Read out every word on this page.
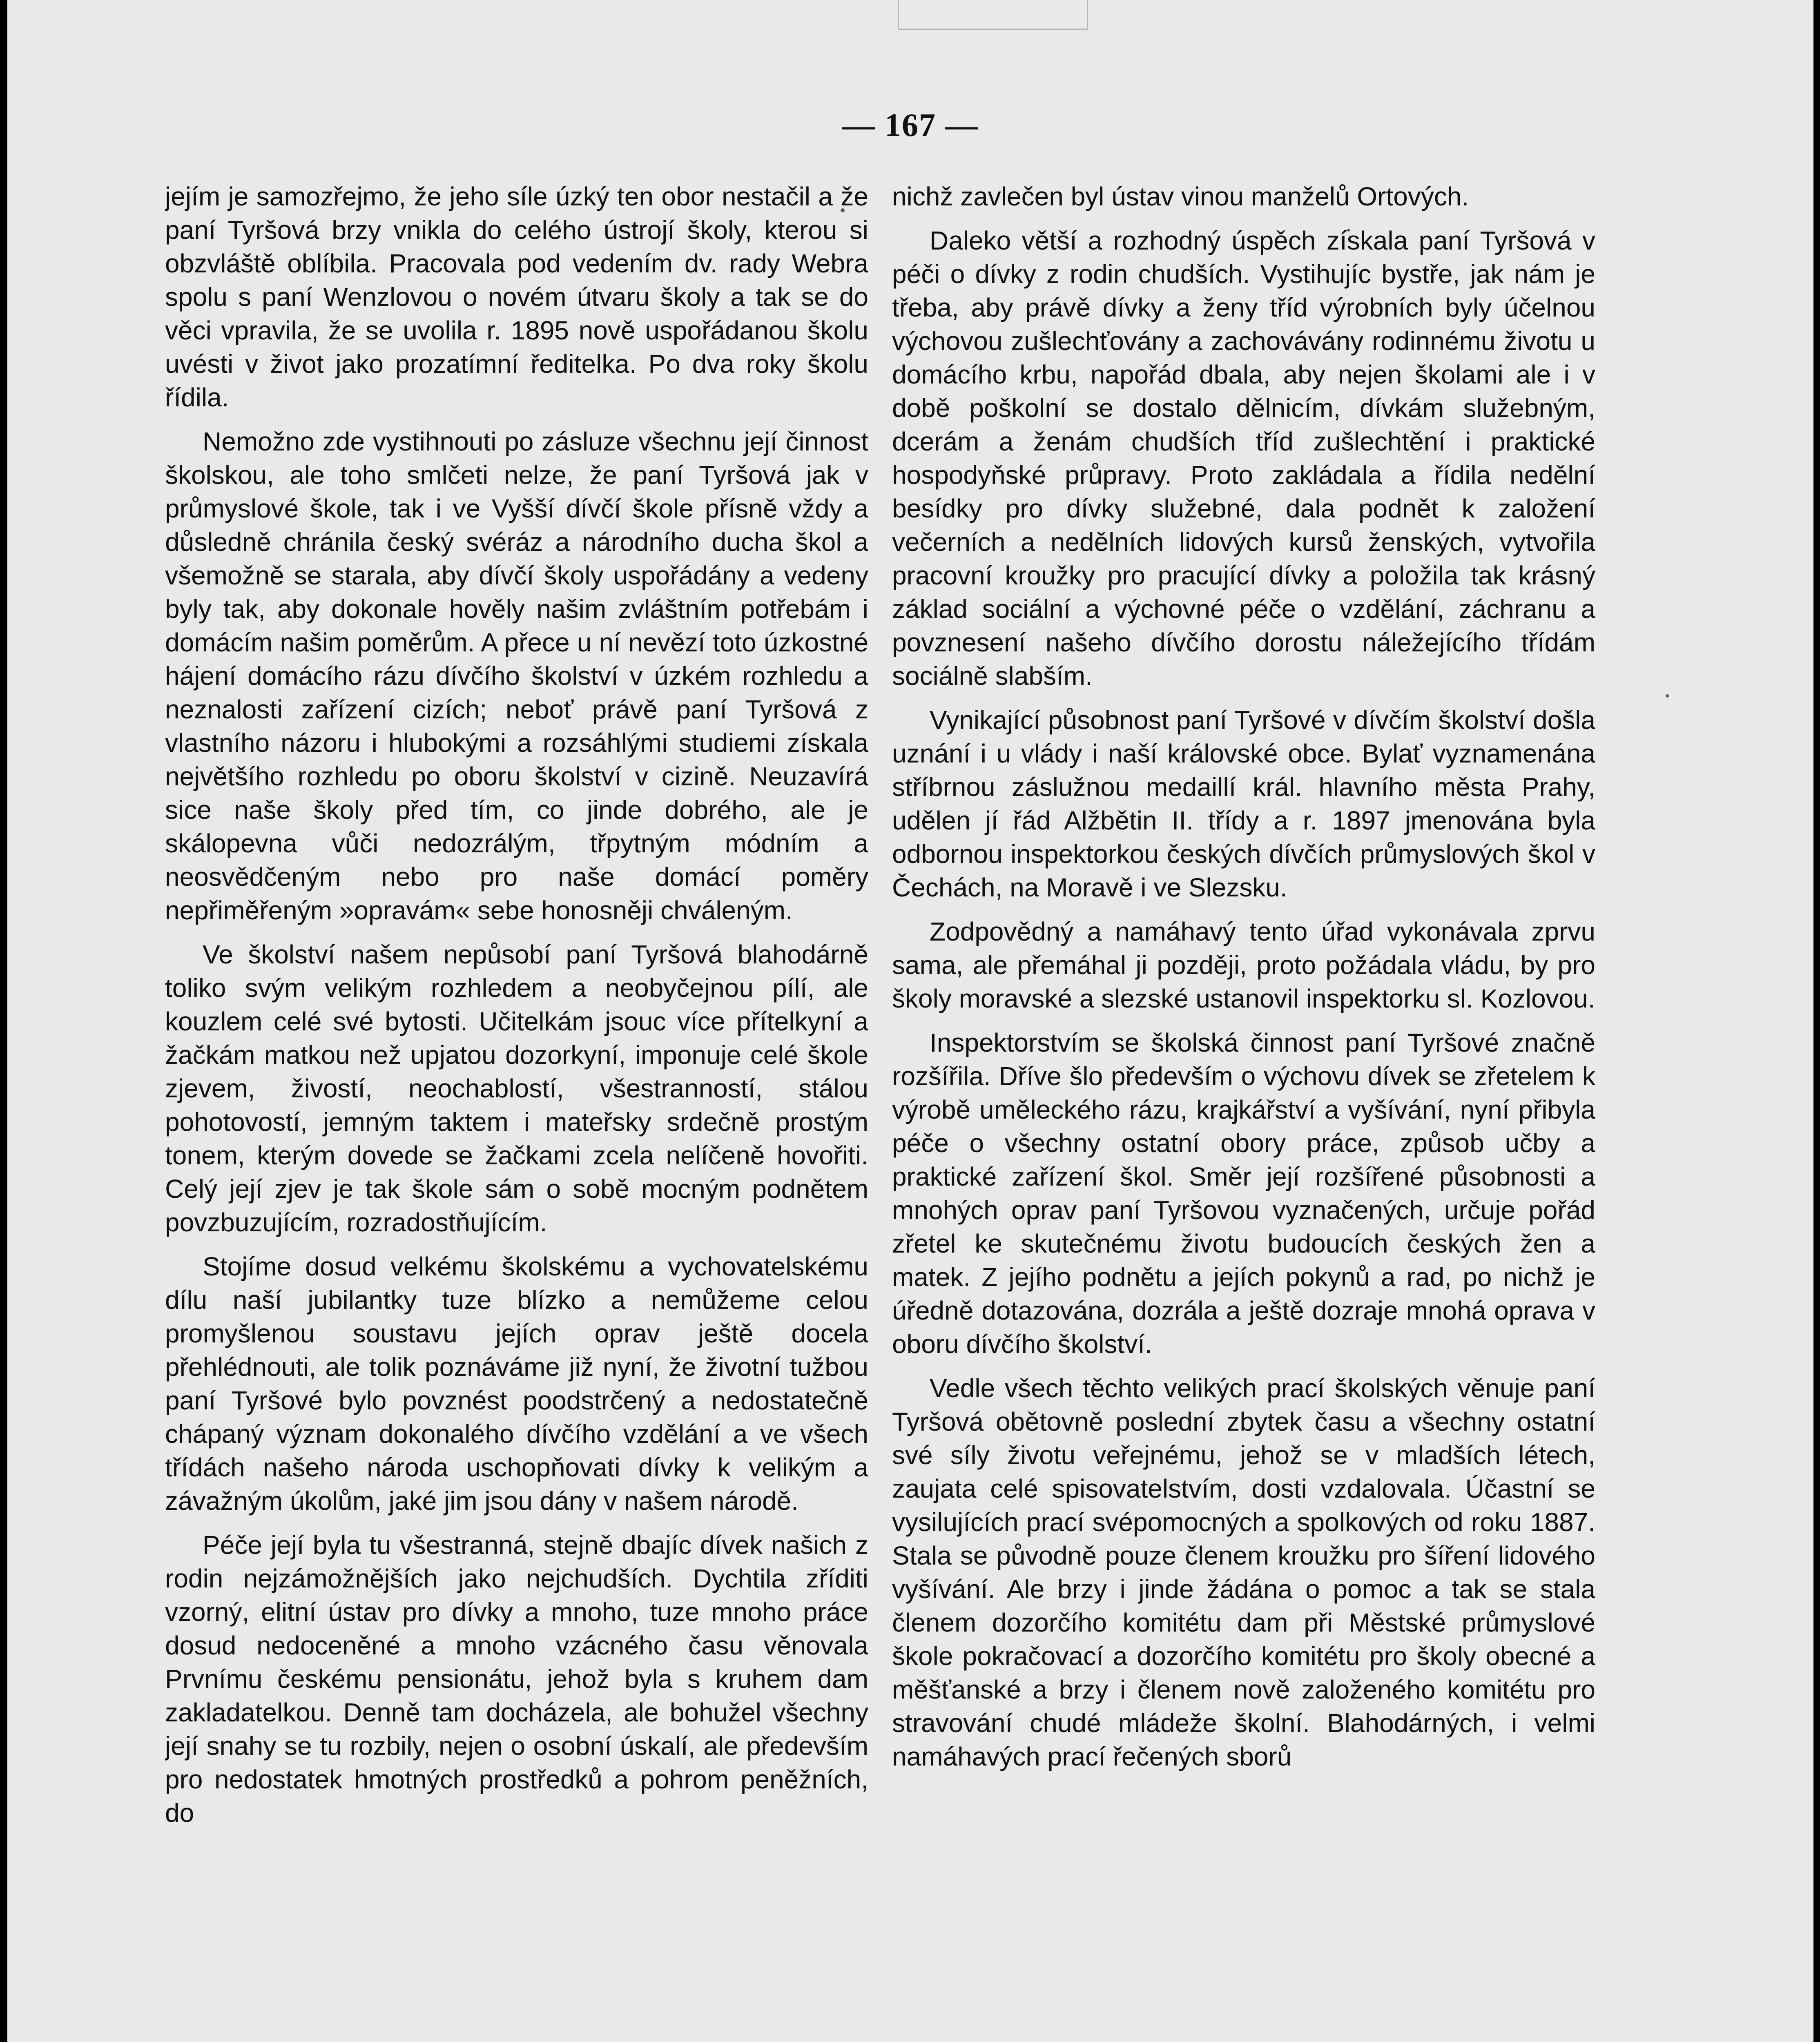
— 167 —

jejím je samozřejmo, že jeho síle úzký ten obor nestačil a že paní Tyršová brzy vnikla do celého ústrojí školy, kterou si obzvláště oblíbila. Pracovala pod vedením dv. rady Webra spolu s paní Wenzlovou o novém útvaru školy a tak se do věci vpravila, že se uvolila r. 1895 nově uspořádanou školu uvésti v život jako prozatímní ředitelka. Po dva roky školu řídila.

Nemožno zde vystihnouti po zásluze všechnu její činnost školskou, ale toho smlčeti nelze, že paní Tyršová jak v průmyslové škole, tak i ve Vyšší dívčí škole přísně vždy a důsledně chránila český svéráz a národního ducha škol a všemožně se starala, aby dívčí školy uspořádány a vedeny byly tak, aby dokonale hověly našim zvláštním potřebám i domácím našim poměrům. A přece u ní nevězí toto úzkostné hájení domácího rázu dívčího školství v úzkém rozhledu a neznalosti zařízení cizích; neboť právě paní Tyršová z vlastního názoru i hlubokými a rozsáhlými studiemi získala největšího rozhledu po oboru školství v cizině. Neuzavírá sice naše školy před tím, co jinde dobrého, ale je skálopevna vůči nedozrálým, třpytným módním a neosvědčeným nebo pro naše domácí poměry nepřiměřeným »opravám« sebe honosněji chváleným.

Ve školství našem nepůsobí paní Tyršová blahodárně toliko svým velikým rozhledem a neobyčejnou pílí, ale kouzlem celé své bytosti. Učitelkám jsouc více přítelkyní a žačkám matkou než upjatou dozorkyní, imponuje celé škole zjevem, živostí, neochablostí, všestranností, stálou pohotovostí, jemným taktem i mateřsky srdečně prostým tonem, kterým dovede se žačkami zcela nelíčeně hovořiti. Celý její zjev je tak škole sám o sobě mocným podnětem povzbuzujícím, rozradostňujícím.

Stojíme dosud velkému školskému a vychovatelskému dílu naší jubilantky tuze blízko a nemůžeme celou promyšlenou soustavu jejích oprav ještě docela přehlédnouti, ale tolik poznáváme již nyní, že životní tužbou paní Tyršové bylo povznést poodstrčený a nedostatečně chápaný význam dokonalého dívčího vzdělání a ve všech třídách našeho národa uschopňovati dívky k velikým a závažným úkolům, jaké jim jsou dány v našem národě.

Péče její byla tu všestranná, stejně dbajíc dívek našich z rodin nejzámožnějších jako nejchudších. Dychtila zříditi vzorný, elitní ústav pro dívky a mnoho, tuze mnoho práce dosud nedoceněné a mnoho vzácného času věnovala Prvnímu českému pensionátu, jehož byla s kruhem dam zakladatelkou. Denně tam docházela, ale bohužel všechny její snahy se tu rozbily, nejen o osobní úskalí, ale především pro nedostatek hmotných prostředků a pohrom peněžních, do

nichž zavlečen byl ústav vinou manželů Ortových.

Daleko větší a rozhodný úspěch získala paní Tyršová v péči o dívky z rodin chudších. Vystihujíc bystře, jak nám je třeba, aby právě dívky a ženy tříd výrobních byly účelnou výchovou zušlechťovány a zachovávány rodinnému životu u domácího krbu, napořád dbala, aby nejen školami ale i v době poškolní se dostalo dělnicím, dívkám služebným, dcerám a ženám chudších tříd zušlechtění i praktické hospodyňské průpravy. Proto zakládala a řídila nedělní besídky pro dívky služebné, dala podnět k založení večerních a nedělních lidových kursů ženských, vytvořila pracovní kroužky pro pracující dívky a položila tak krásný základ sociální a výchovné péče o vzdělání, záchranu a povznesení našeho dívčího dorostu náležejícího třídám sociálně slabším.

Vynikající působnost paní Tyršové v dívčím školství došla uznání i u vlády i naší královské obce. Bylať vyznamenána stříbrnou záslužnou medaillí král. hlavního města Prahy, udělen jí řád Alžbětin II. třídy a r. 1897 jmenována byla odbornou inspektorkou českých dívčích průmyslových škol v Čechách, na Moravě i ve Slezsku.

Zodpovědný a namáhavý tento úřad vykonávala zprvu sama, ale přemáhal ji později, proto požádala vládu, by pro školy moravské a slezské ustanovil inspektorku sl. Kozlovou.

Inspektorstvím se školská činnost paní Tyršové značně rozšířila. Dříve šlo především o výchovu dívek se zřetelem k výrobě uměleckého rázu, krajkářství a vyšívání, nyní přibyla péče o všechny ostatní obory práce, způsob učby a praktické zařízení škol. Směr její rozšířené působnosti a mnohých oprav paní Tyršovou vyznačených, určuje pořád zřetel ke skutečnému životu budoucích českých žen a matek. Z jejího podnětu a jejích pokynů a rad, po nichž je úředně dotazována, dozrála a ještě dozraje mnohá oprava v oboru dívčího školství.

Vedle všech těchto velikých prací školských věnuje paní Tyršová obětovně poslední zbytek času a všechny ostatní své síly životu veřejnému, jehož se v mladších létech, zaujata celé spisovatelstvím, dosti vzdalovala. Účastní se vysilujících prací svépomocných a spolkových od roku 1887. Stala se původně pouze členem kroužku pro šíření lidového vyšívání. Ale brzy i jinde žádána o pomoc a tak se stala členem dozorčího komitétu dam při Městské průmyslové škole pokračovací a dozorčího komitétu pro školy obecné a měšťanské a brzy i členem nově založeného komitétu pro stravování chudé mládeže školní. Blahodárných, i velmi namáhavých prací řečených sborů
